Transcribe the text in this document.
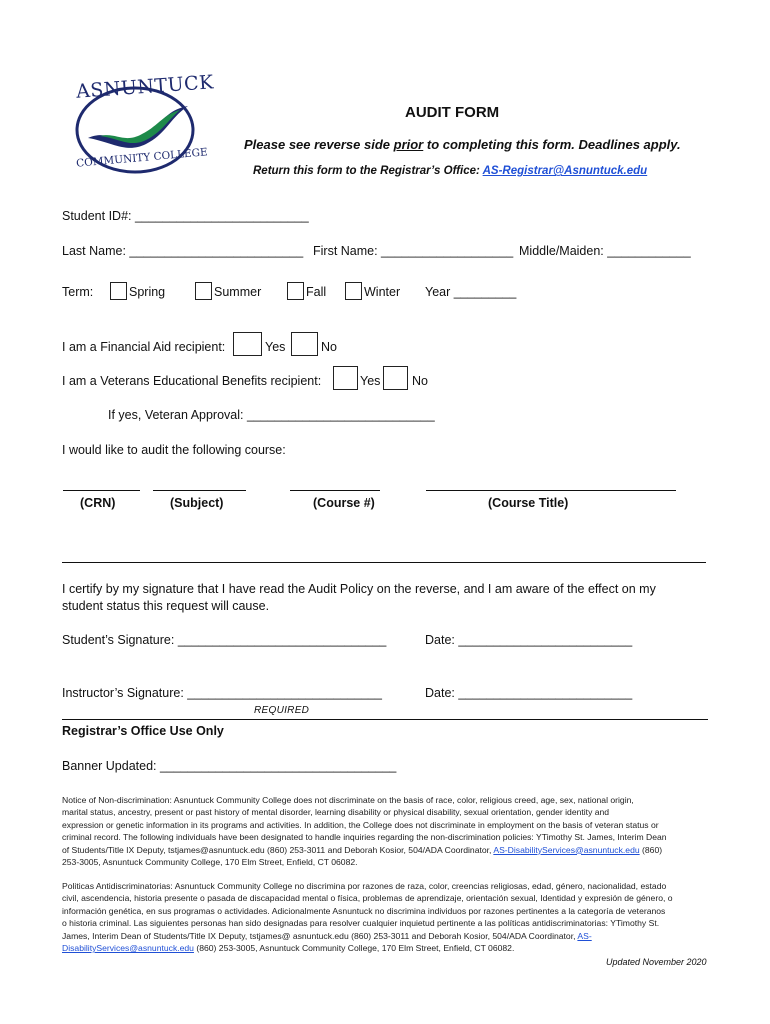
ASNUNTUCK
COMMUNITY COLLEGE
AUDIT FORM
Please see reverse side prior to completing this form. Deadlines apply.
Return this form to the Registrar’s Office: AS-Registrar@Asnuntuck.edu
Student ID#: _________________________
Last Name: _________________________ First Name: ___________________ Middle/Maiden: ____________
Term:	Spring	Summer	Fall	Winter Year _________
I am a Financial Aid recipient:	Yes	No
I am a Veterans Educational Benefits recipient:	Yes	No
If yes, Veteran Approval: ___________________________
I would like to audit the following course:
(CRN)	(Subject)	(Course #)	(Course Title)
I certify by my signature that I have read the Audit Policy on the reverse, and I am aware of the effect on my
student status this request will cause.
Student’s Signature: ______________________________	Date: _________________________
Instructor’s Signature: ____________________________	Date: _________________________
REQUIRED
Registrar’s Office Use Only
Banner Updated: __________________________________

Notice of Non-discrimination: Asnuntuck Community College does not discriminate on the basis of race, color, religious creed, age, sex, national origin,

marital status, ancestry, present or past history of mental disorder, learning disability or physical disability, sexual orientation, gender identity and

expression or genetic information in its programs and activities. In addition, the College does not discriminate in employment on the basis of veteran status or

criminal record. The following individuals have been designated to handle inquiries regarding the non-discrimination policies: YTimothy St. James, Interim Dean

of Students/Title IX Deputy, tstjames@asnuntuck.edu (860) 253-3011 and Deborah Kosior, 504/ADA Coordinator, AS-DisabilityServices@asnuntuck.edu (860)

253-3005, Asnuntuck Community College, 170 Elm Street, Enfield, CT 06082.

Politicas Antidiscriminatorias: Asnuntuck Community College no discrimina por razones de raza, color, creencias religiosas, edad, género, nacionalidad, estado

civil, ascendencia, historia presente o pasada de discapacidad mental o física, problemas de aprendizaje, orientación sexual, Identidad y expresión de género, o

información genética, en sus programas o actividades. Adicionalmente Asnuntuck no discrimina individuos por razones pertinentes a la categoría de veteranos

o historia criminal. Las siguientes personas han sido designadas para resolver cualquier inquietud pertinente a las políticas antidiscriminatorias: YTimothy St.

James, Interim Dean of Students/Title IX Deputy, tstjames@ asnuntuck.edu (860) 253-3011 and Deborah Kosior, 504/ADA Coordinator, AS-

DisabilityServices@asnuntuck.edu (860) 253-3005, Asnuntuck Community College, 170 Elm Street, Enfield, CT 06082.

Updated November 2020
